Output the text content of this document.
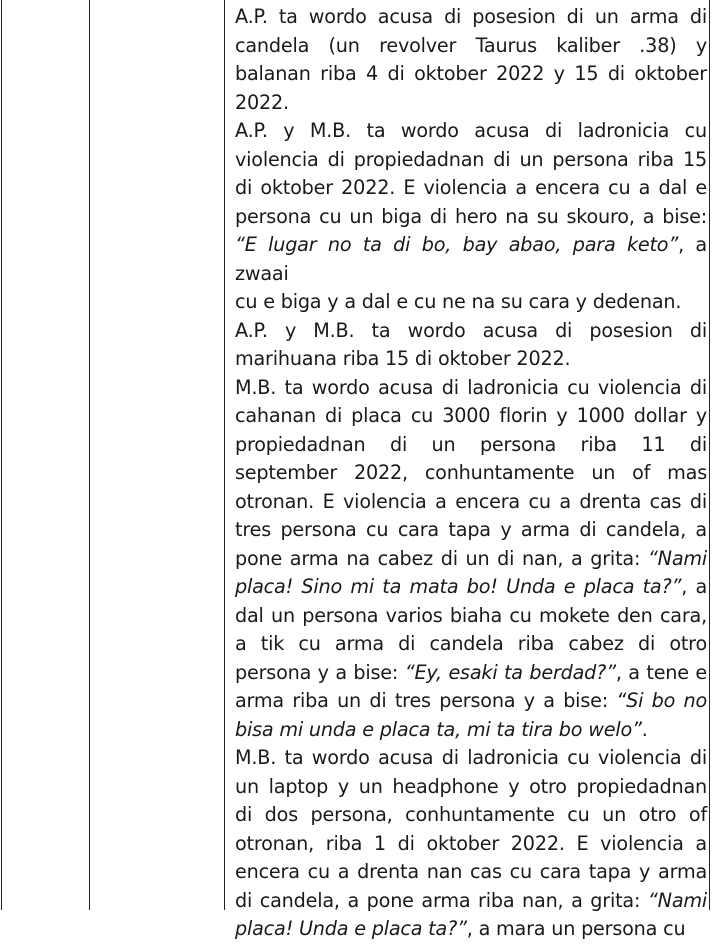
A.P. ta wordo acusa di posesion di un arma di
candela (un revolver Taurus kaliber .38) y
balanan riba 4 di oktober 2022 y 15 di oktober
2022.
A.P. y M.B. ta wordo acusa di ladronicia cu
violencia di propiedadnan di un persona riba 15
di oktober 2022. E violencia a encera cu a dal e
persona cu un biga di hero na su skouro, a bise:
“E lugar no ta di bo, bay abao, para keto”, a zwaai
cu e biga y a dal e cu ne na su cara y dedenan.
A.P. y M.B. ta wordo acusa di posesion di
marihuana riba 15 di oktober 2022.
M.B. ta wordo acusa di ladronicia cu violencia di
cahanan di placa cu 3000 florin y 1000 dollar y
propiedadnan di un persona riba 11 di
september 2022, conhuntamente un of mas
otronan. E violencia a encera cu a drenta cas di
tres persona cu cara tapa y arma di candela, a
pone arma na cabez di un di nan, a grita: “Nami
placa! Sino mi ta mata bo! Unda e placa ta?”, a
dal un persona varios biaha cu mokete den cara,
a tik cu arma di candela riba cabez di otro
persona y a bise: “Ey, esaki ta berdad?”, a tene e
arma riba un di tres persona y a bise: “Si bo no
bisa mi unda e placa ta, mi ta tira bo welo”.
M.B. ta wordo acusa di ladronicia cu violencia di
un laptop y un headphone y otro propiedadnan
di dos persona, conhuntamente cu un otro of
otronan, riba 1 di oktober 2022. E violencia a
encera cu a drenta nan cas cu cara tapa y arma
di candela, a pone arma riba nan, a grita: “Nami
placa! Unda e placa ta?”, a mara un persona cu
